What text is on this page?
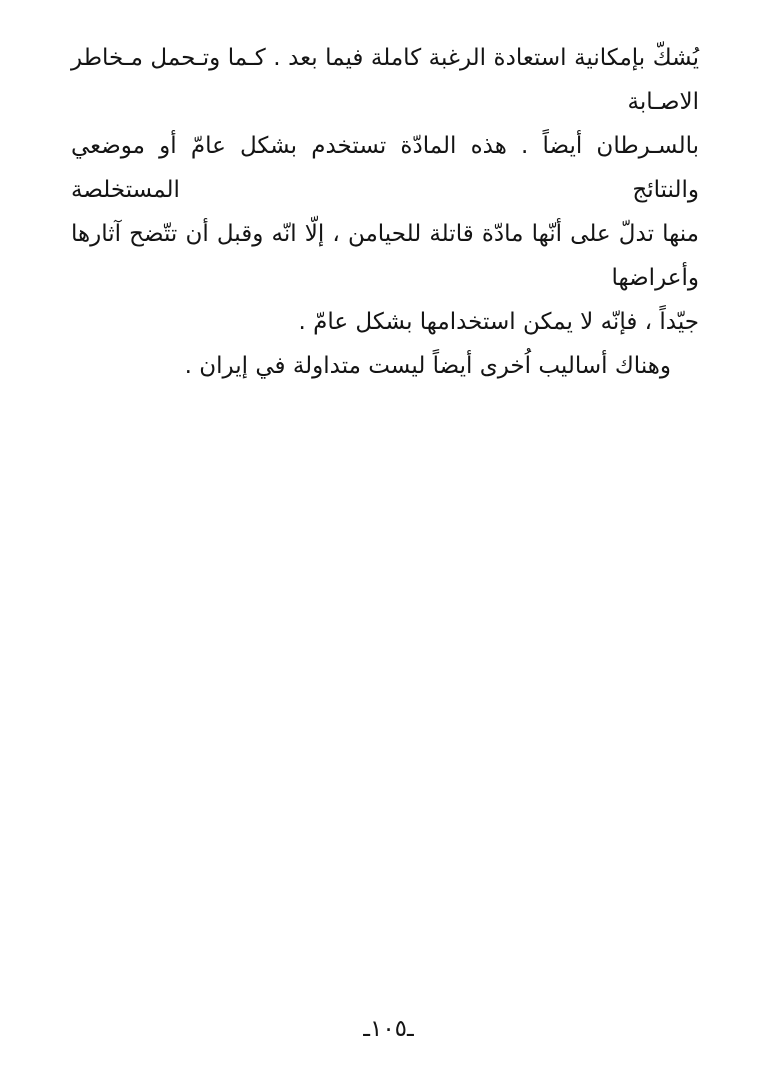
يُشكّ بإمكانية استعادة الرغبة كاملة فيما بعد . كـما وتـحمل مـخاطر الاصـابة

بالسـرطان أيضاً . هذه المادّة تستخدم بشكل عامّ أو موضعي والنتائج المستخلصة

منها تدلّ على أنّها مادّة قاتلة للحيامن ، إلّا انّه وقبل أن تتّضح آثارها وأعراضها

جيّداً ، فإنّه لا يمكن استخدامها بشكل عامّ .

وهناك أساليب اُخرى أيضاً ليست متداولة في إيران .

ـ١٠٥ـ
